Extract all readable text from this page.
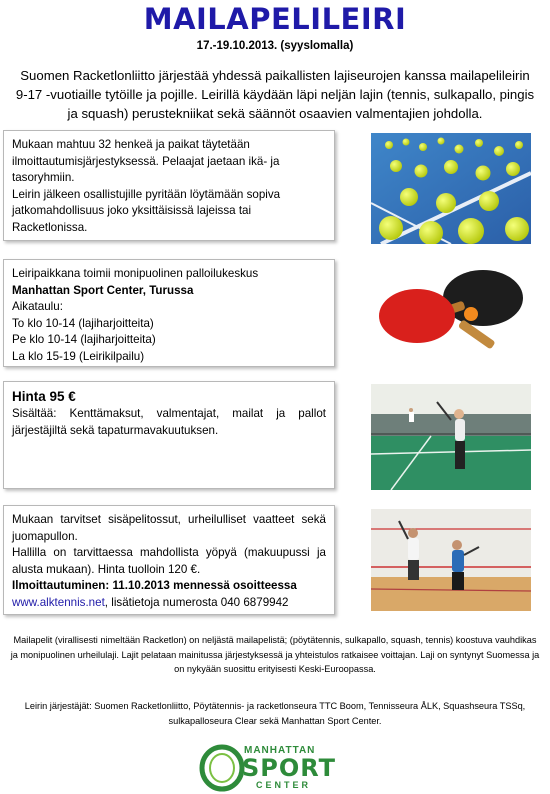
MAILAPELILEIRI
17.-19.10.2013. (syyslomalla)
Suomen Racketlonliitto järjestää yhdessä paikallisten lajiseurojen kanssa mailapelileirin 9-17 -vuotiaille tytöille ja pojille. Leirillä käydään läpi neljän lajin (tennis, sulkapallo, pingis ja squash) perustekniikat sekä säännöt osaavien valmentajien johdolla.

Mukaan mahtuu 32 henkeä ja paikat täytetään ilmoittautumisjärjestyksessä. Pelaajat jaetaan ikä- ja tasoryhmiin.

Leirin jälkeen osallistujille pyritään löytämään sopiva jatkomahdollisuus joko yksittäisissä lajeissa tai Racketlonissa.

Leiripaikkana toimii monipuolinen palloilukeskus

Manhattan Sport Center, Turussa

Aikataulu:

To klo 10-14 (lajiharjoitteita)

Pe klo 10-14 (lajiharjoitteita)

La klo 15-19 (Leirikilpailu)

Hinta 95 €

Sisältää: Kenttämaksut, valmentajat, mailat ja pallot järjestäjiltä sekä tapaturmavakuutuksen.

Mukaan tarvitset sisäpelitossut, urheilulliset vaatteet sekä juomapullon.

Hallilla on tarvittaessa mahdollista yöpyä (makuupussi ja alusta mukaan). Hinta tuolloin 120 €.

Ilmoittautuminen: 11.10.2013 mennessä osoitteessa

www.alktennis.net, lisätietoja numerosta 040 6879942

Mailapelit (virallisesti nimeltään Racketlon) on neljästä mailapelistä; (pöytätennis, sulkapallo, squash, tennis) koostuva vauhdikas ja monipuolinen urheilulaji. Lajit pelataan mainitussa järjestyksessä ja yhteistulos ratkaisee voittajan. Laji on syntynyt Suomessa ja on nykyään suosittu erityisesti Keski-Euroopassa.
Leirin järjestäjät: Suomen Racketlonliitto, Pöytätennis- ja racketlonseura TTC Boom, Tennisseura ÅLK, Squashseura TSSq, sulkapalloseura Clear sekä Manhattan Sport Center.
MANHATTAN
SPORT
CENTER
